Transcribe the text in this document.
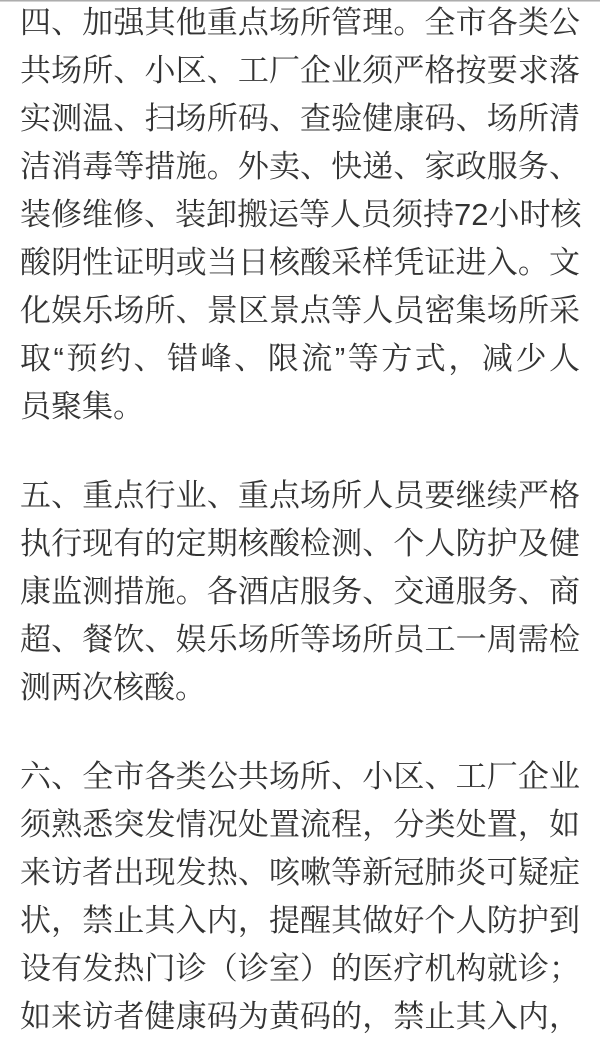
四、加强其他重点场所管理。全市各类公
共场所、小区、工厂企业须严格按要求落
实测温、扫场所码、查验健康码、场所清
洁消毒等措施。外卖、快递、家政服务、
装修维修、装卸搬运等人员须持72小时核
酸阴性证明或当日核酸采样凭证进入。文
化娱乐场所、景区景点等人员密集场所采
取“预约、错峰、限流”等方式，减少人
员聚集。
五、重点行业、重点场所人员要继续严格
执行现有的定期核酸检测、个人防护及健
康监测措施。各酒店服务、交通服务、商
超、餐饮、娱乐场所等场所员工一周需检
测两次核酸。
六、全市各类公共场所、小区、工厂企业
须熟悉突发情况处置流程，分类处置，如
来访者出现发热、咳嗽等新冠肺炎可疑症
状，禁止其入内，提醒其做好个人防护到
设有发热门诊（诊室）的医疗机构就诊；
如来访者健康码为黄码的，禁止其入内，
